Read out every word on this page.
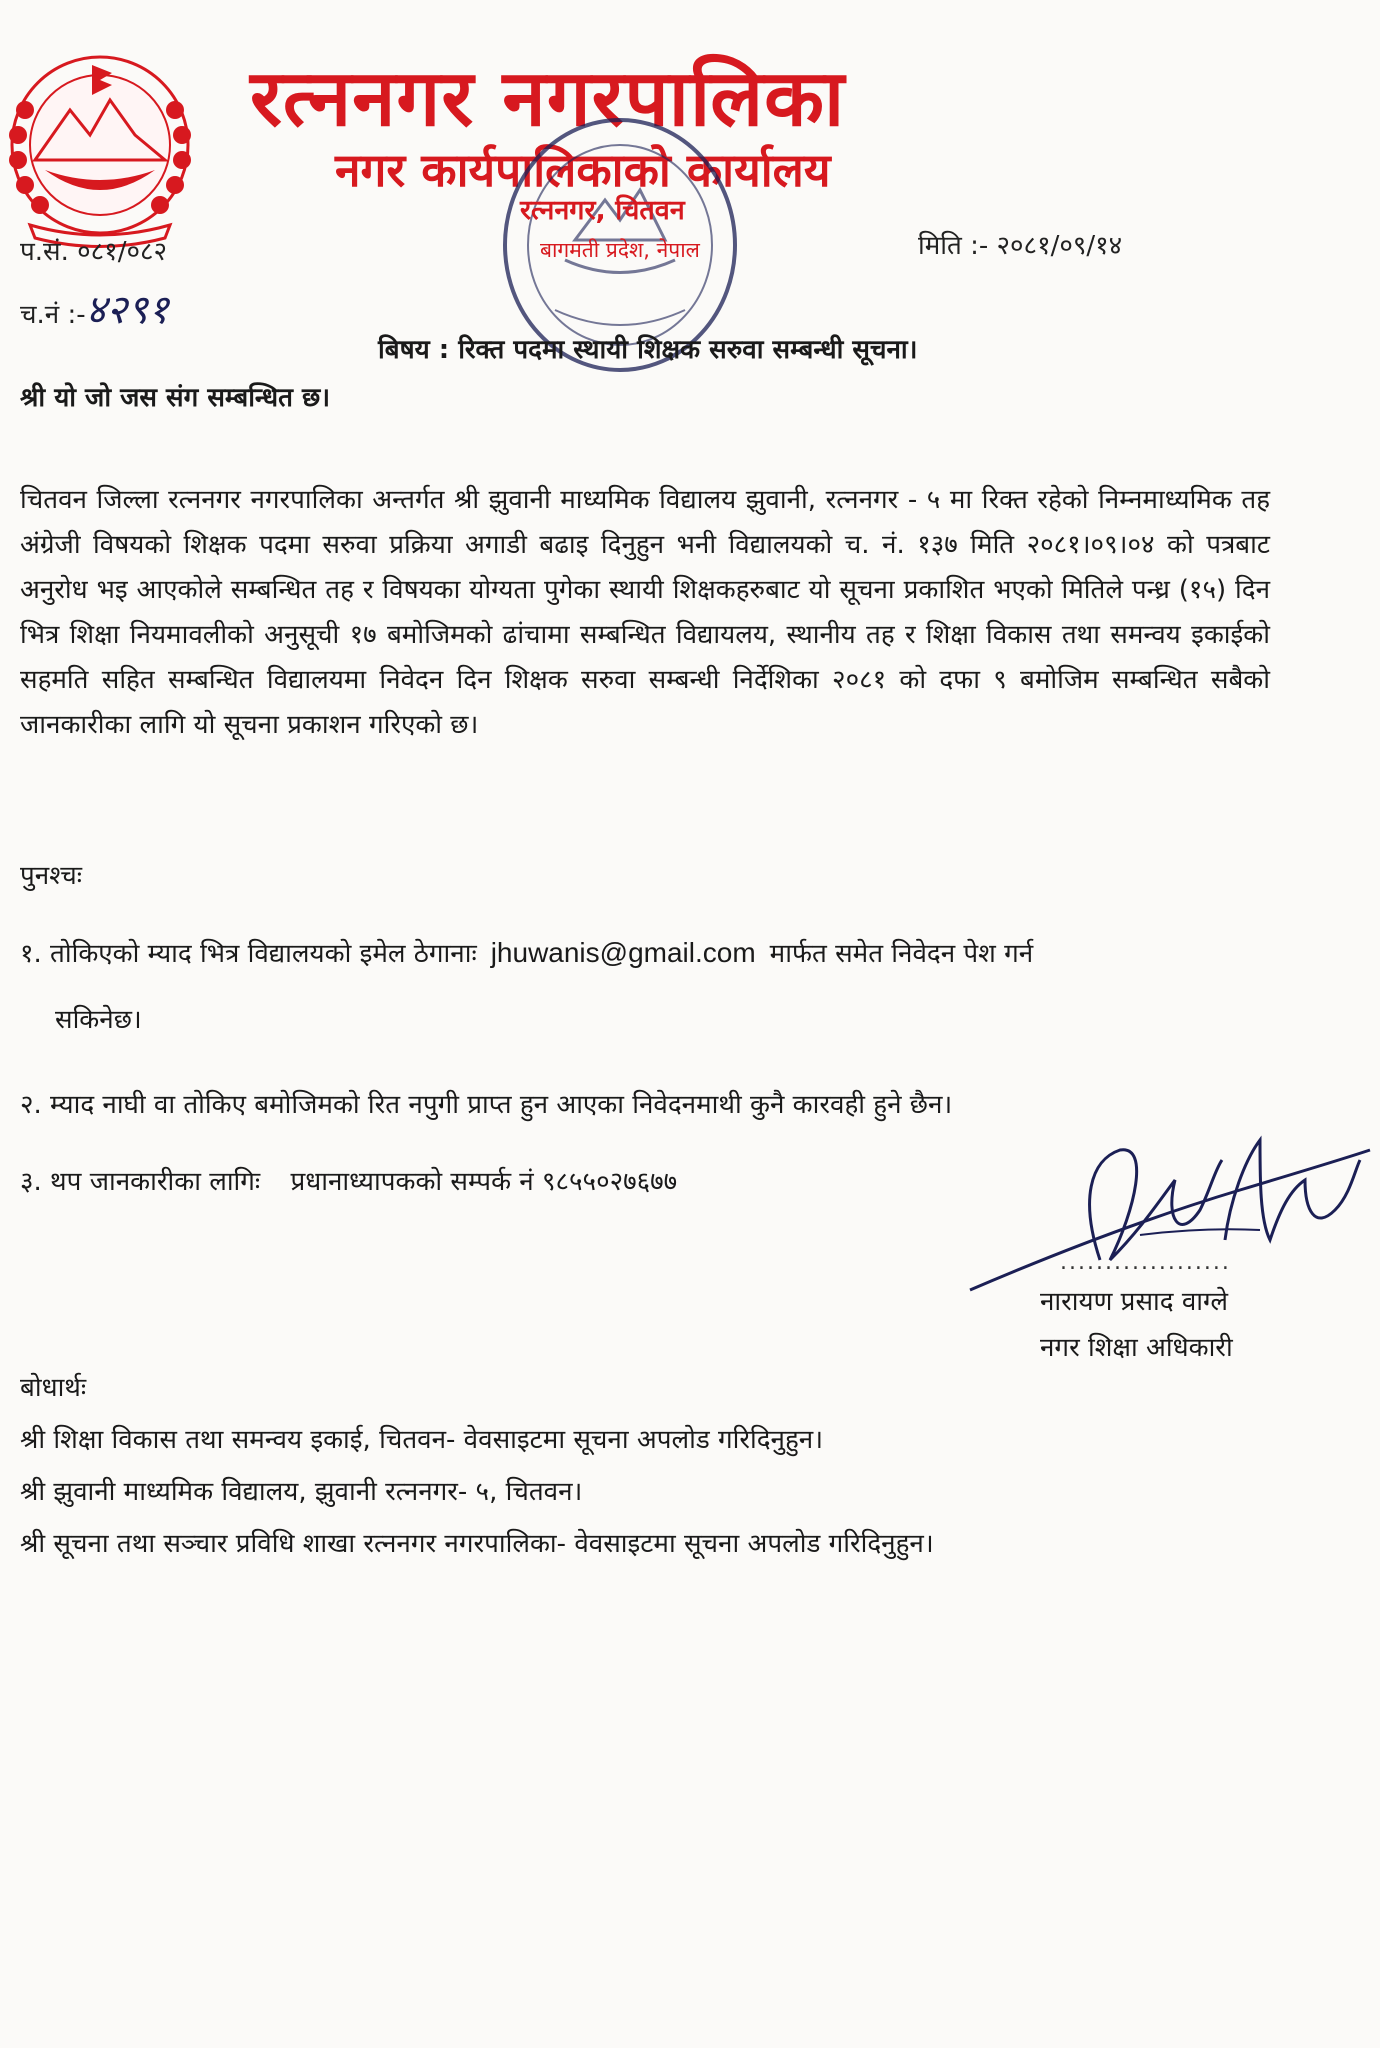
रत्ननगर नगरपालिका
नगर कार्यपालिकाको कार्यालय
रत्ननगर, चितवन
बागमती प्रदेश, नेपाल
प.सं. ०८१/०८२
च.नं :-४२९१
मिति :- २०८१/०९/१४
बिषय : रिक्त पदमा स्थायी शिक्षक सरुवा सम्बन्धी सूचना।
श्री यो जो जस संग सम्बन्धित छ।
चितवन जिल्ला रत्ननगर नगरपालिका अन्तर्गत श्री झुवानी माध्यमिक विद्यालय झुवानी, रत्ननगर - ५ मा रिक्त रहेको निम्नमाध्यमिक तह अंग्रेजी विषयको शिक्षक पदमा सरुवा प्रक्रिया अगाडी बढाइ दिनुहुन भनी विद्यालयको च. नं. १३७ मिति २०८१।०९।०४ को पत्रबाट अनुरोध भइ आएकोले सम्बन्धित तह र विषयका योग्यता पुगेका स्थायी शिक्षकहरुबाट यो सूचना प्रकाशित भएको मितिले पन्ध्र (१५) दिन भित्र शिक्षा नियमावलीको अनुसूची १७ बमोजिमको ढांचामा सम्बन्धित विद्यायलय, स्थानीय तह र शिक्षा विकास तथा समन्वय इकाईको सहमति सहित सम्बन्धित विद्यालयमा निवेदन दिन शिक्षक सरुवा सम्बन्धी निर्देशिका २०८१ को दफा ९ बमोजिम सम्बन्धित सबैको जानकारीका लागि यो सूचना प्रकाशन गरिएको छ।
पुनश्चः
१. तोकिएको म्याद भित्र विद्यालयको इमेल ठेगानाः jhuwanis@gmail.com मार्फत समेत निवेदन पेश गर्न
सकिनेछ।
२. म्याद नाघी वा तोकिए बमोजिमको रित नपुगी प्राप्त हुन आएका निवेदनमाथी कुनै कारवही हुने छैन।
३. थप जानकारीका लागिः प्रधानाध्यापकको सम्पर्क नं ९८५५०२७६७७
...................
नारायण प्रसाद वाग्ले
नगर शिक्षा अधिकारी
बोधार्थः
श्री शिक्षा विकास तथा समन्वय इकाई, चितवन- वेवसाइटमा सूचना अपलोड गरिदिनुहुन।
श्री झुवानी माध्यमिक विद्यालय, झुवानी रत्ननगर- ५, चितवन।
श्री सूचना तथा सञ्चार प्रविधि शाखा रत्ननगर नगरपालिका- वेवसाइटमा सूचना अपलोड गरिदिनुहुन।
